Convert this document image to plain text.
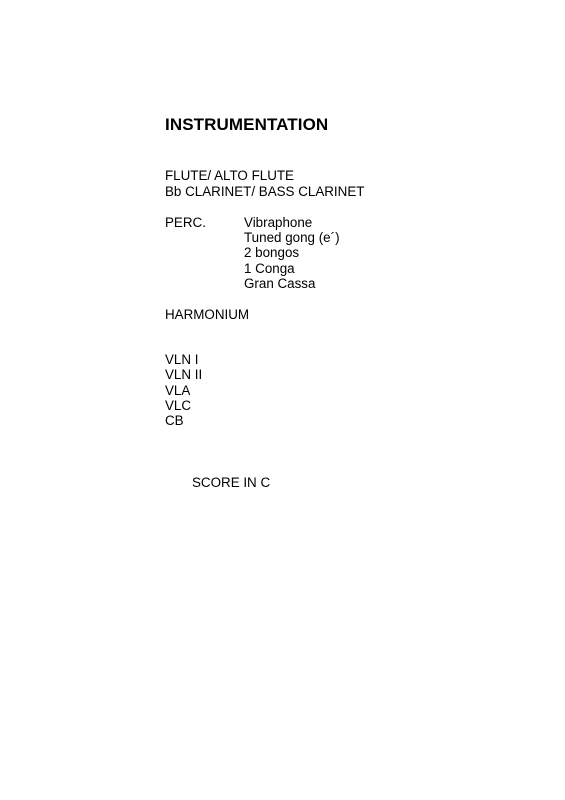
INSTRUMENTATION
FLUTE/ ALTO FLUTE
Bb CLARINET/ BASS CLARINET
PERC.	Vibraphone
Tuned gong (e´)
2 bongos
1 Conga
Gran Cassa
HARMONIUM
VLN I
VLN II
VLA
VLC
CB
SCORE IN C
